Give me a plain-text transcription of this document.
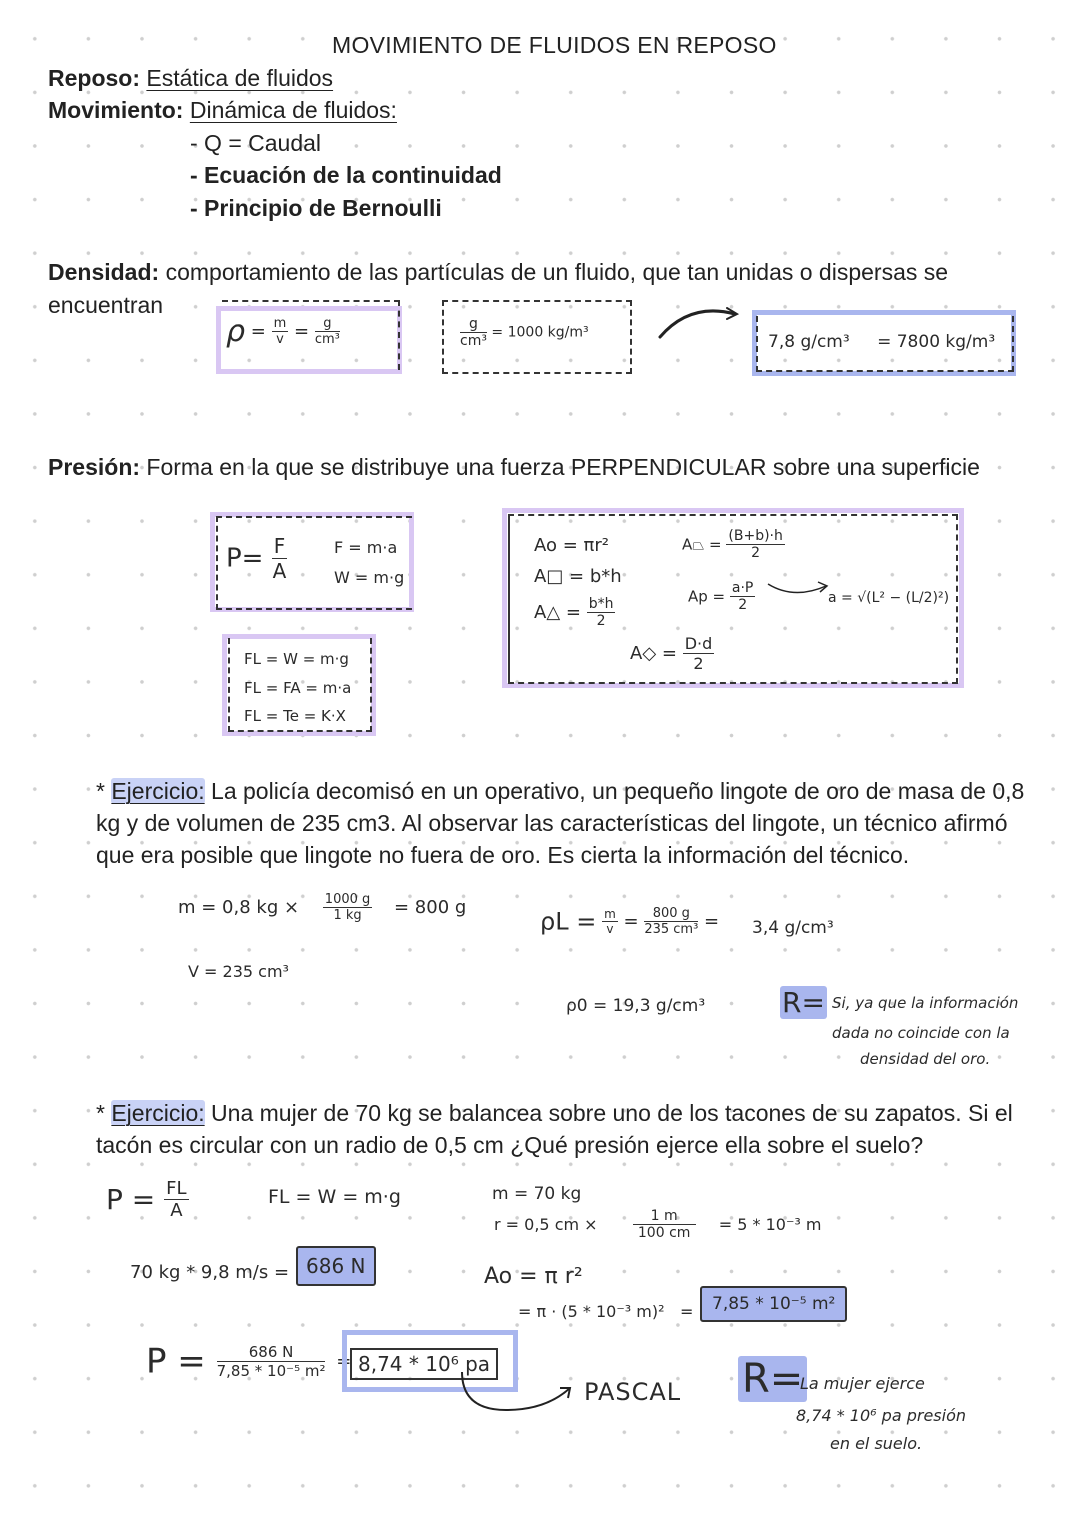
MOVIMIENTO DE FLUIDOS EN REPOSO
Reposo: Estática de fluidos
Movimiento: Dinámica de fluidos:
- Q = Caudal
- Ecuación de la continuidad
- Principio de Bernoulli
Densidad: comportamiento de las partículas de un fluido, que tan unidas o dispersas se
encuentran
$\rho = \frac{m}{v} = \frac{g}{\text{cm³}}$	$\frac{g}{\text{cm³}} = 1000$ kg/m³	7,8 g/cm³ = 7800 kg/m³
Presión: Forma en la que se distribuye una fuerza PERPENDICULAR sobre una superficie
$P= \frac{F}{A}$	F = m·a
W = m·g
FL = W = m·g
FL = FA = m·a
FL = Te = K·X
Ao = πr²
A□ = b*h
A△ = $\frac{b*h}{2}$
A⏢ = $\frac{(B+b)\cdot h}{2}$
$Ap = \frac{a\cdot P}{2}$	a = √(L² − (L/2)²)
A◇ = $\frac{D\cdot d}{2}$
* Ejercicio: La policía decomisó en un operativo, un pequeño lingote de oro de masa de 0,8 kg y de volumen de 235 cm3. Al observar las características del lingote, un técnico afirmó que era posible que lingote no fuera de oro. Es cierta la información del técnico.
m = 0,8 kg × $\frac{1000 g}{1 kg} = 800$ g
V = 235 cm³
$\rho L = \frac{m}{v} = \frac{800 g}{\text{235 cm³}} = 3,4$ g/cm³
ρ0 = 19,3 g/cm³	R= Si, ya que la información
dada no coincide con la
densidad del oro.
* Ejercicio: Una mujer de 70 kg se balancea sobre uno de los tacones de su zapatos. Si el tacón es circular con un radio de 0,5 cm ¿Qué presión ejerce ella sobre el suelo?
$P = \frac{FL}{A}$	FL = W = m·g
70 kg * 9,8 m/s = 686 N
m = 70 kg
r = 0,5 cm ×	$\frac{1 m}{100 cm} = 5 * 10^{-3}$ m
Ao = π r²
= π · (5 * 10⁻³ m)² =	7,85 * 10⁻⁵ m²
$P = \frac{686 N}{\text{7,85 * 10⁻⁵ m²}} = 8,74 * 10^6$ pa
PASCAL R=
La mujer ejerce
8,74 * 10⁶ pa presión
en el suelo.
